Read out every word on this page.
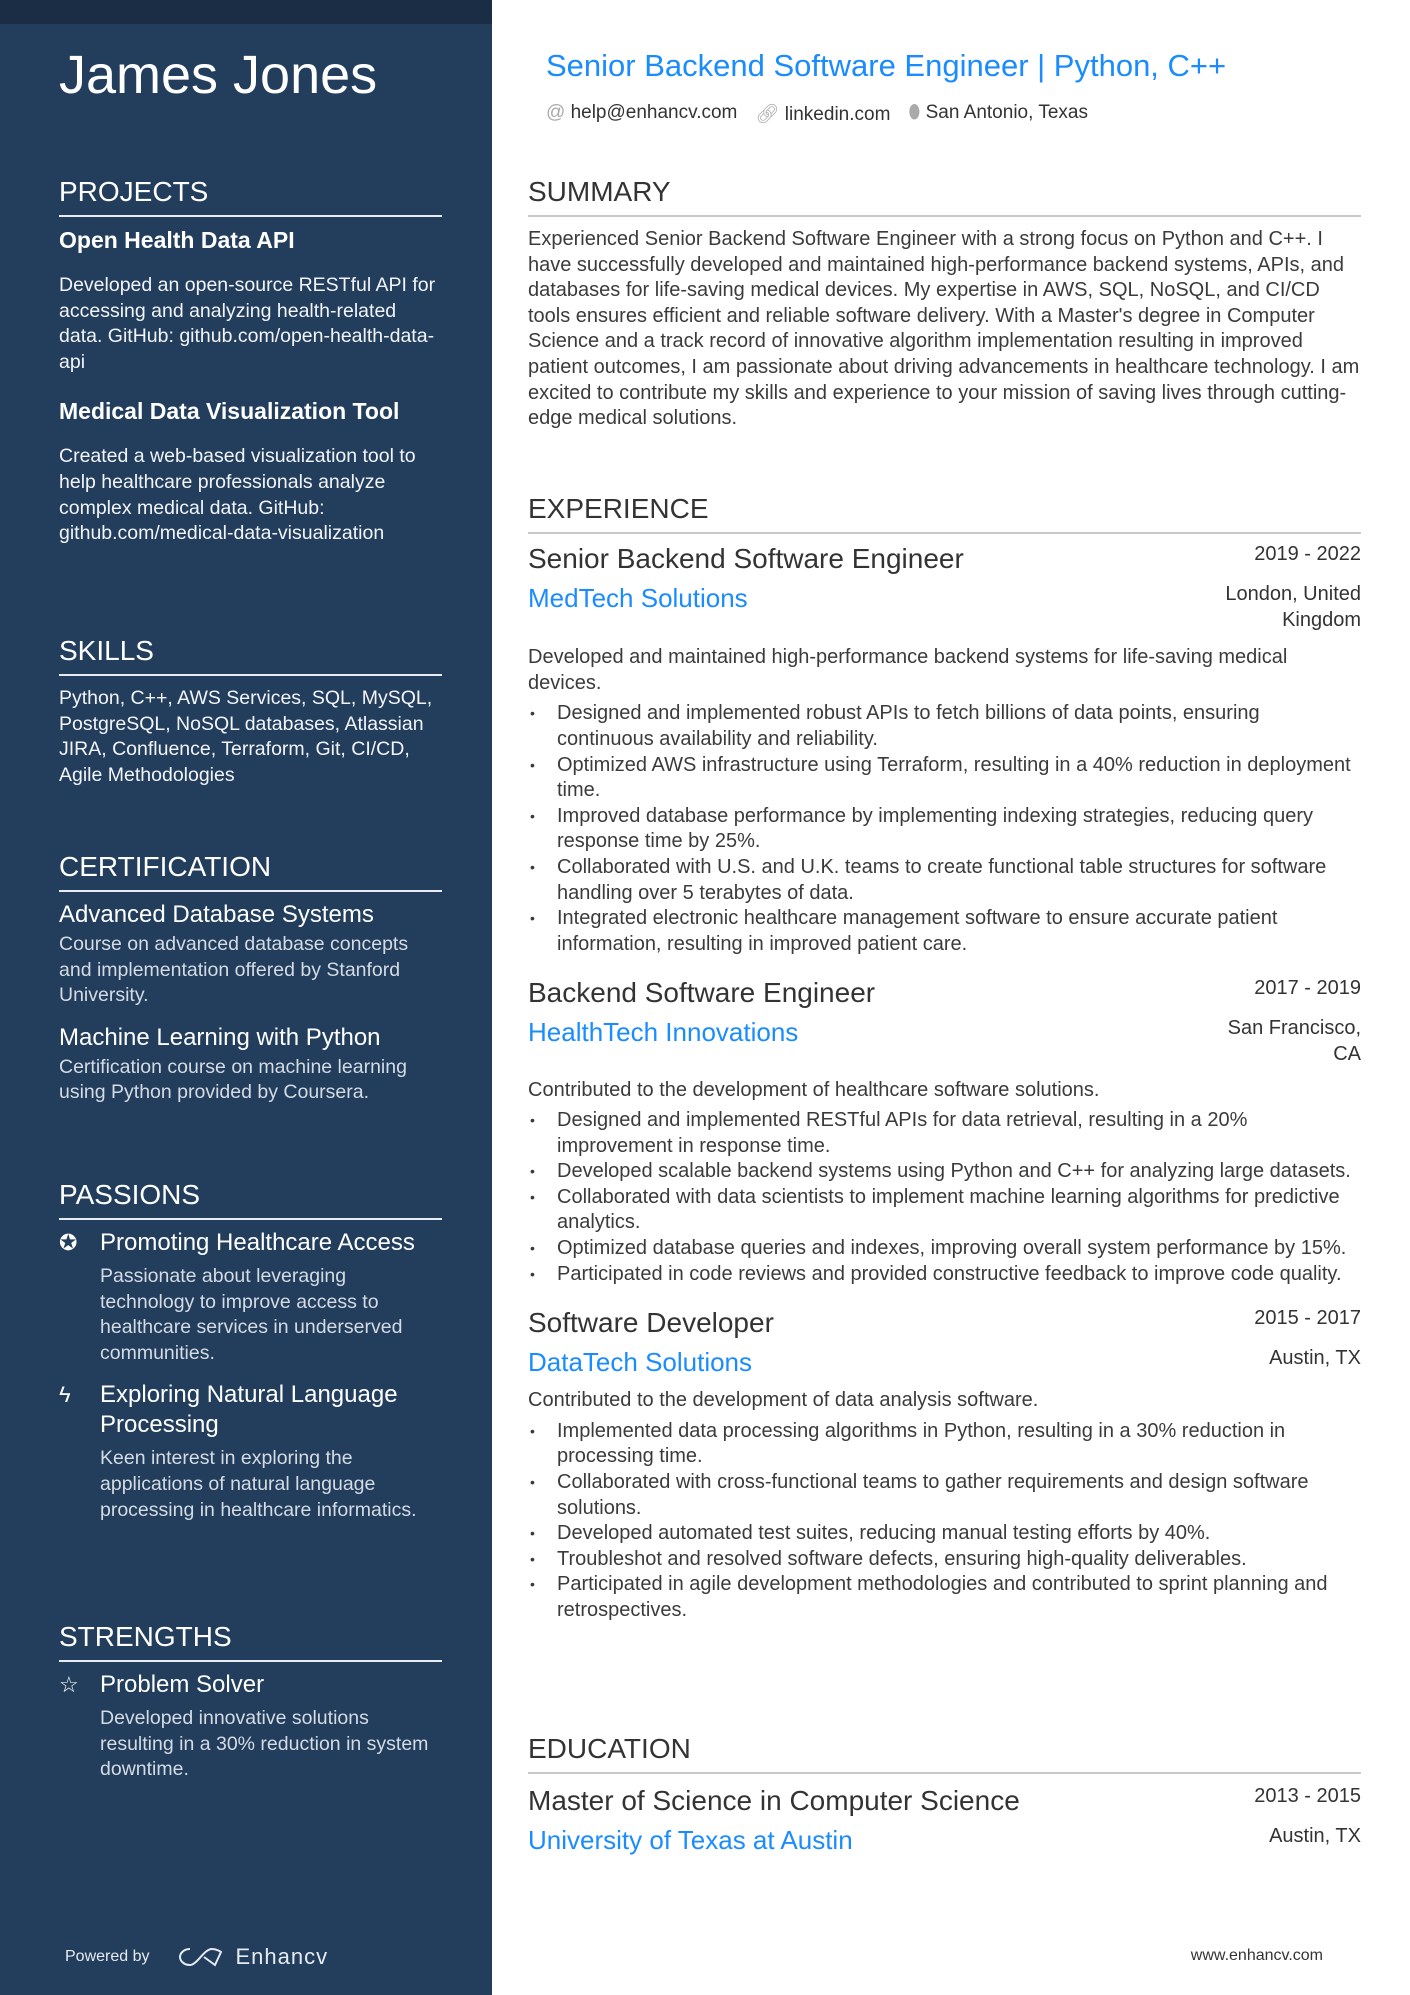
James Jones
PROJECTS
Open Health Data API
Developed an open-source RESTful API for accessing and analyzing health-related data. GitHub: github.com/open-health-data-api
Medical Data Visualization Tool
Created a web-based visualization tool to help healthcare professionals analyze complex medical data. GitHub: github.com/medical-data-visualization
SKILLS
Python, C++, AWS Services, SQL, MySQL, PostgreSQL, NoSQL databases, Atlassian JIRA, Confluence, Terraform, Git, CI/CD, Agile Methodologies
CERTIFICATION
Advanced Database Systems
Course on advanced database concepts and implementation offered by Stanford University.
Machine Learning with Python
Certification course on machine learning using Python provided by Coursera.
PASSIONS
✪ Promoting Healthcare Access
Passionate about leveraging technology to improve access to healthcare services in underserved communities.
ϟ	Exploring Natural Language Processing
Keen interest in exploring the applications of natural language processing in healthcare informatics.
STRENGTHS
☆ Problem Solver
Developed innovative solutions resulting in a 30% reduction in system downtime.
Powered by	Enhancv
Senior Backend Software Engineer | Python, C++
@ help@enhancv.com 🔗︎ linkedin.com ⬮ San Antonio, Texas
SUMMARY
Experienced Senior Backend Software Engineer with a strong focus on Python and C++. I have successfully developed and maintained high-performance backend systems, APIs, and databases for life-saving medical devices. My expertise in AWS, SQL, NoSQL, and CI/CD tools ensures efficient and reliable software delivery. With a Master's degree in Computer Science and a track record of innovative algorithm implementation resulting in improved patient outcomes, I am passionate about driving advancements in healthcare technology. I am excited to contribute my skills and experience to your mission of saving lives through cutting-edge medical solutions.
EXPERIENCE
Senior Backend Software Engineer	2019 - 2022
MedTech Solutions	London, United Kingdom
Developed and maintained high-performance backend systems for life-saving medical devices.
• Designed and implemented robust APIs to fetch billions of data points, ensuring continuous availability and reliability.
• Optimized AWS infrastructure using Terraform, resulting in a 40% reduction in deployment time.
• Improved database performance by implementing indexing strategies, reducing query response time by 25%.
• Collaborated with U.S. and U.K. teams to create functional table structures for software handling over 5 terabytes of data.
• Integrated electronic healthcare management software to ensure accurate patient information, resulting in improved patient care.
Backend Software Engineer	2017 - 2019
HealthTech Innovations	San Francisco, CA
Contributed to the development of healthcare software solutions.
• Designed and implemented RESTful APIs for data retrieval, resulting in a 20% improvement in response time.
• Developed scalable backend systems using Python and C++ for analyzing large datasets.
• Collaborated with data scientists to implement machine learning algorithms for predictive analytics.
• Optimized database queries and indexes, improving overall system performance by 15%.
• Participated in code reviews and provided constructive feedback to improve code quality.
Software Developer	2015 - 2017
DataTech Solutions	Austin, TX
Contributed to the development of data analysis software.
• Implemented data processing algorithms in Python, resulting in a 30% reduction in processing time.
• Collaborated with cross-functional teams to gather requirements and design software solutions.
• Developed automated test suites, reducing manual testing efforts by 40%.
• Troubleshot and resolved software defects, ensuring high-quality deliverables.
• Participated in agile development methodologies and contributed to sprint planning and retrospectives.
EDUCATION
Master of Science in Computer Science	2013 - 2015
University of Texas at Austin	Austin, TX
www.enhancv.com
